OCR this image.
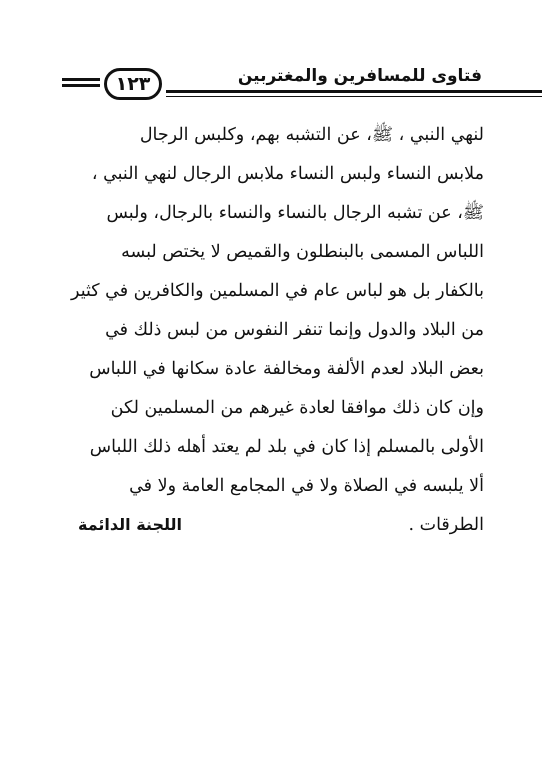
١٢٣	فتاوى للمسافرين والمغتربين
لنهي النبي ، ﷺ، عن التشبه بهم، وكلبس الرجال
ملابس النساء ولبس النساء ملابس الرجال لنهي النبي ،
ﷺ، عن تشبه الرجال بالنساء والنساء بالرجال، ولبس
اللباس المسمى بالبنطلون والقميص لا يختص لبسه
بالكفار بل هو لباس عام في المسلمين والكافرين في كثير
من البلاد والدول وإنما تنفر النفوس من لبس ذلك في
بعض البلاد لعدم الألفة ومخالفة عادة سكانها في اللباس
وإن كان ذلك موافقا لعادة غيرهم من المسلمين لكن
الأولى بالمسلم إذا كان في بلد لم يعتد أهله ذلك اللباس
ألا يلبسه في الصلاة ولا في المجامع العامة ولا في
الطرقات .
اللجنة الدائمة
